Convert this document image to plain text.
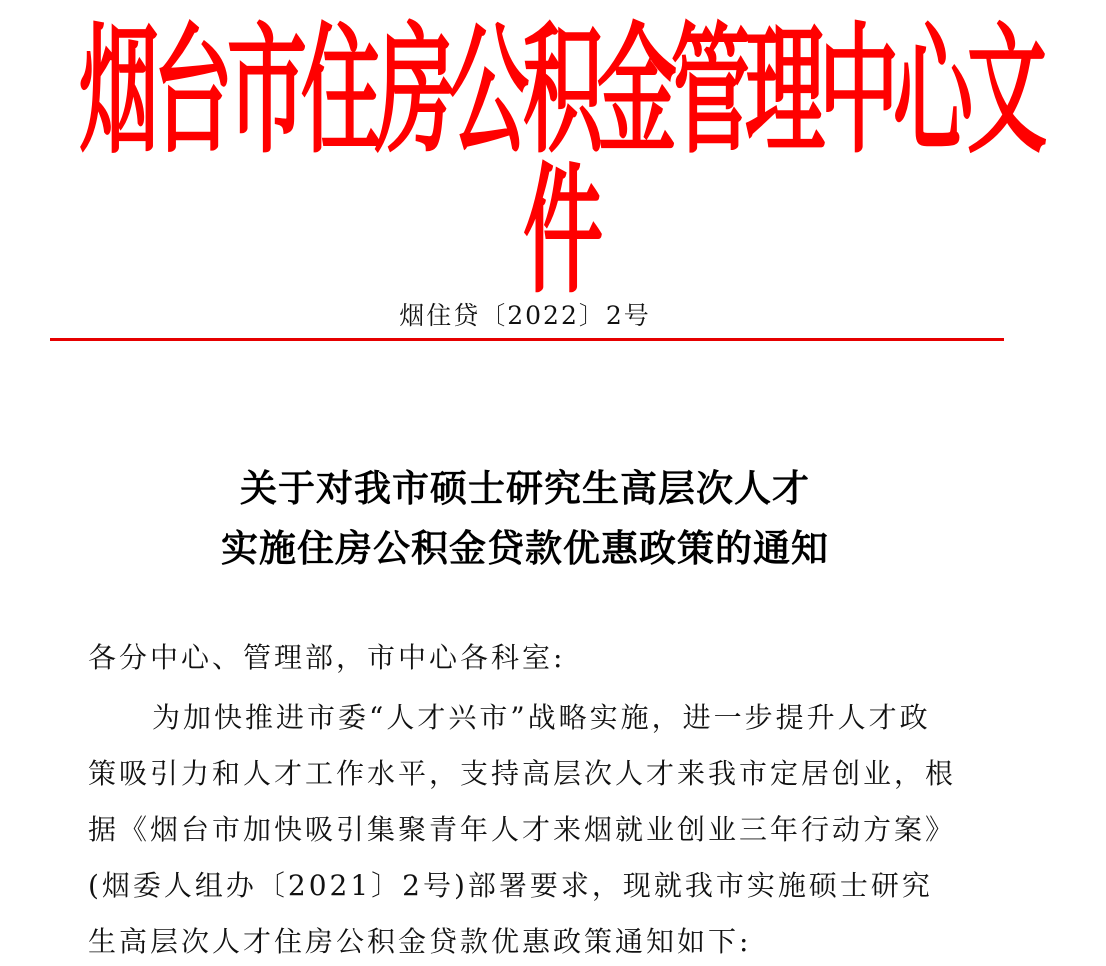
烟台市住房公积金管理中心文件
烟住贷〔2022〕2号
关于对我市硕士研究生高层次人才
实施住房公积金贷款优惠政策的通知
各分中心、管理部，市中心各科室:
为加快推进市委“人才兴市”战略实施，进一步提升人才政
策吸引力和人才工作水平，支持高层次人才来我市定居创业，根
据《烟台市加快吸引集聚青年人才来烟就业创业三年行动方案》
(烟委人组办〔2021〕2号)部署要求，现就我市实施硕士研究
生高层次人才住房公积金贷款优惠政策通知如下:
